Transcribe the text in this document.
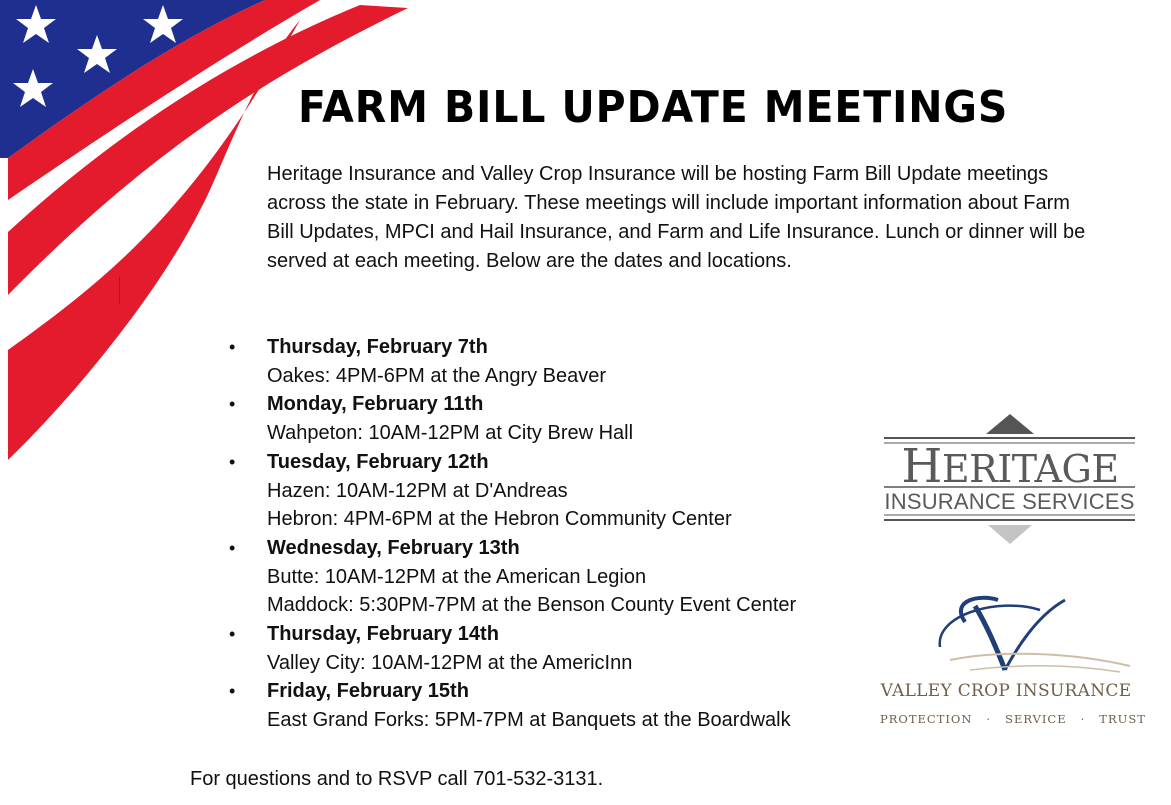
FARM BILL UPDATE MEETINGS

Heritage Insurance and Valley Crop Insurance will be hosting Farm Bill Update meetings across the state in February. These meetings will include important information about Farm Bill Updates, MPCI and Hail Insurance, and Farm and Life Insurance. Lunch or dinner will be served at each meeting. Below are the dates and locations.

•	Thursday, February 7th
Oakes: 4PM-6PM at the Angry Beaver
•	Monday, February 11th
Wahpeton: 10AM-12PM at City Brew Hall
•	Tuesday, February 12th
Hazen: 10AM-12PM at D'Andreas
Hebron: 4PM-6PM at the Hebron Community Center
•	Wednesday, February 13th
Butte: 10AM-12PM at the American Legion
Maddock: 5:30PM-7PM at the Benson County Event Center
•	Thursday, February 14th
Valley City: 10AM-12PM at the AmericInn
•	Friday, February 15th
East Grand Forks: 5PM-7PM at Banquets at the Boardwalk

For questions and to RSVP call 701-532-3131.

HERITAGE
INSURANCE SERVICES
VALLEY CROP INSURANCE
PROTECTION · SERVICE · TRUST
